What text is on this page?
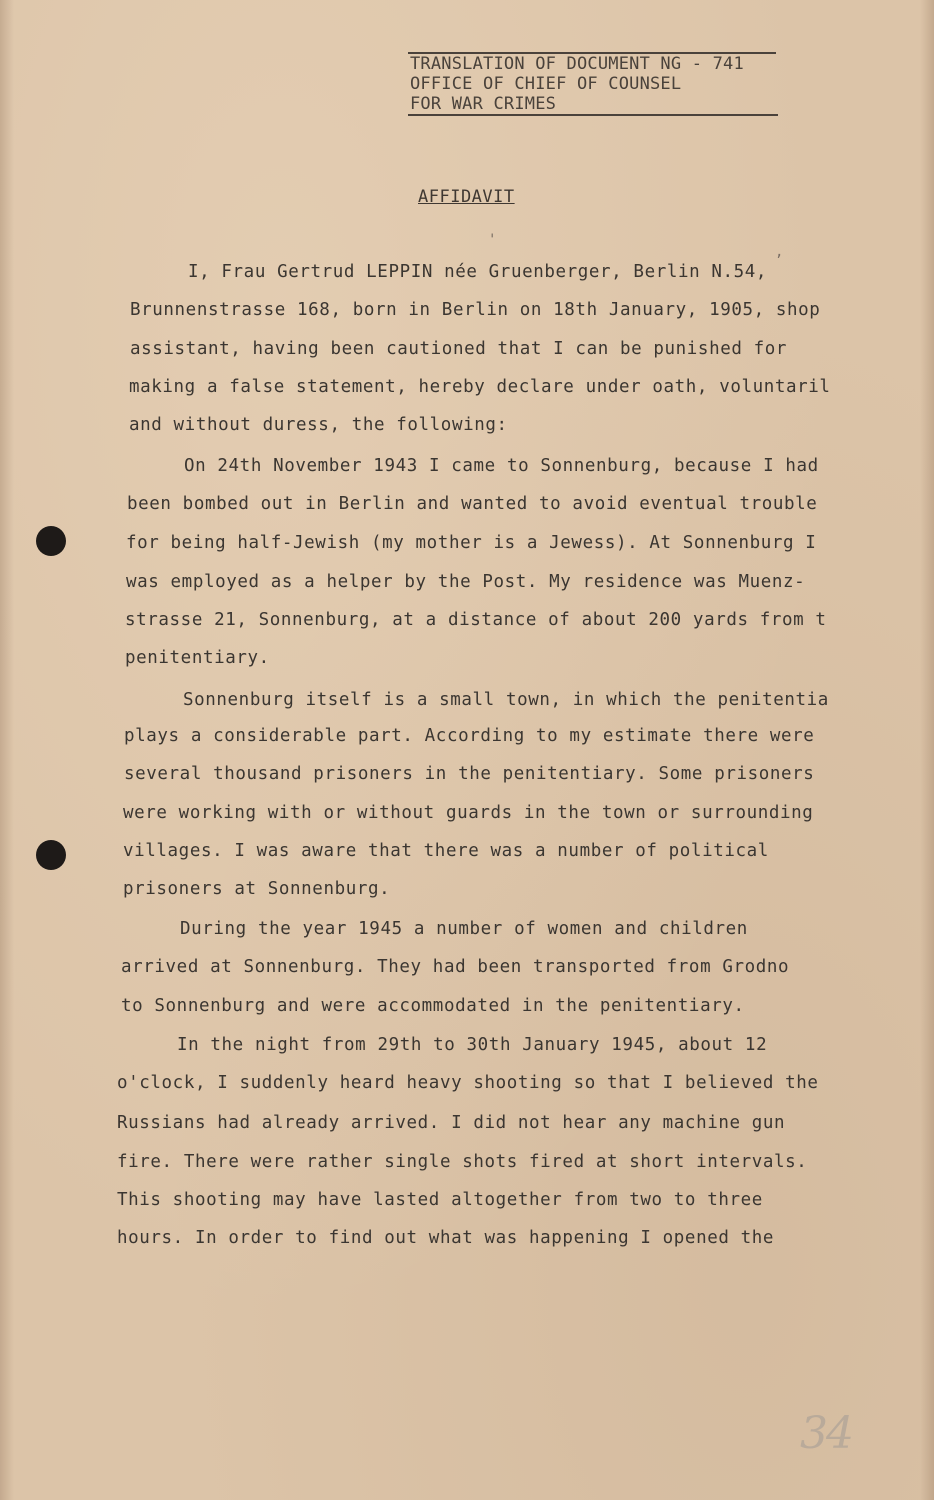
TRANSLATION OF DOCUMENT NG - 741
OFFICE OF CHIEF OF COUNSEL
FOR WAR CRIMES
AFFIDAVIT
I, Frau Gertrud LEPPIN née Gruenberger, Berlin N.54,
Brunnenstrasse 168, born in Berlin on 18th January, 1905, shop
assistant, having been cautioned that I can be punished for
making a false statement, hereby declare under oath, voluntaril
and without duress, the following:
On 24th November 1943 I came to Sonnenburg, because I had
been bombed out in Berlin and wanted to avoid eventual trouble
for being half-Jewish (my mother is a Jewess). At Sonnenburg I
was employed as a helper by the Post. My residence was Muenz-
strasse 21, Sonnenburg, at a distance of about 200 yards from t
penitentiary.
Sonnenburg itself is a small town, in which the penitentia
plays a considerable part. According to my estimate there were
several thousand prisoners in the penitentiary. Some prisoners
were working with or without guards in the town or surrounding
villages. I was aware that there was a number of political
prisoners at Sonnenburg.
During the year 1945 a number of women and children
arrived at Sonnenburg. They had been transported from Grodno
to Sonnenburg and were accommodated in the penitentiary.
In the night from 29th to 30th January 1945, about 12
o'clock, I suddenly heard heavy shooting so that I believed the
Russians had already arrived. I did not hear any machine gun
fire. There were rather single shots fired at short intervals.
This shooting may have lasted altogether from two to three
hours. In order to find out what was happening I opened the
'
,
34
